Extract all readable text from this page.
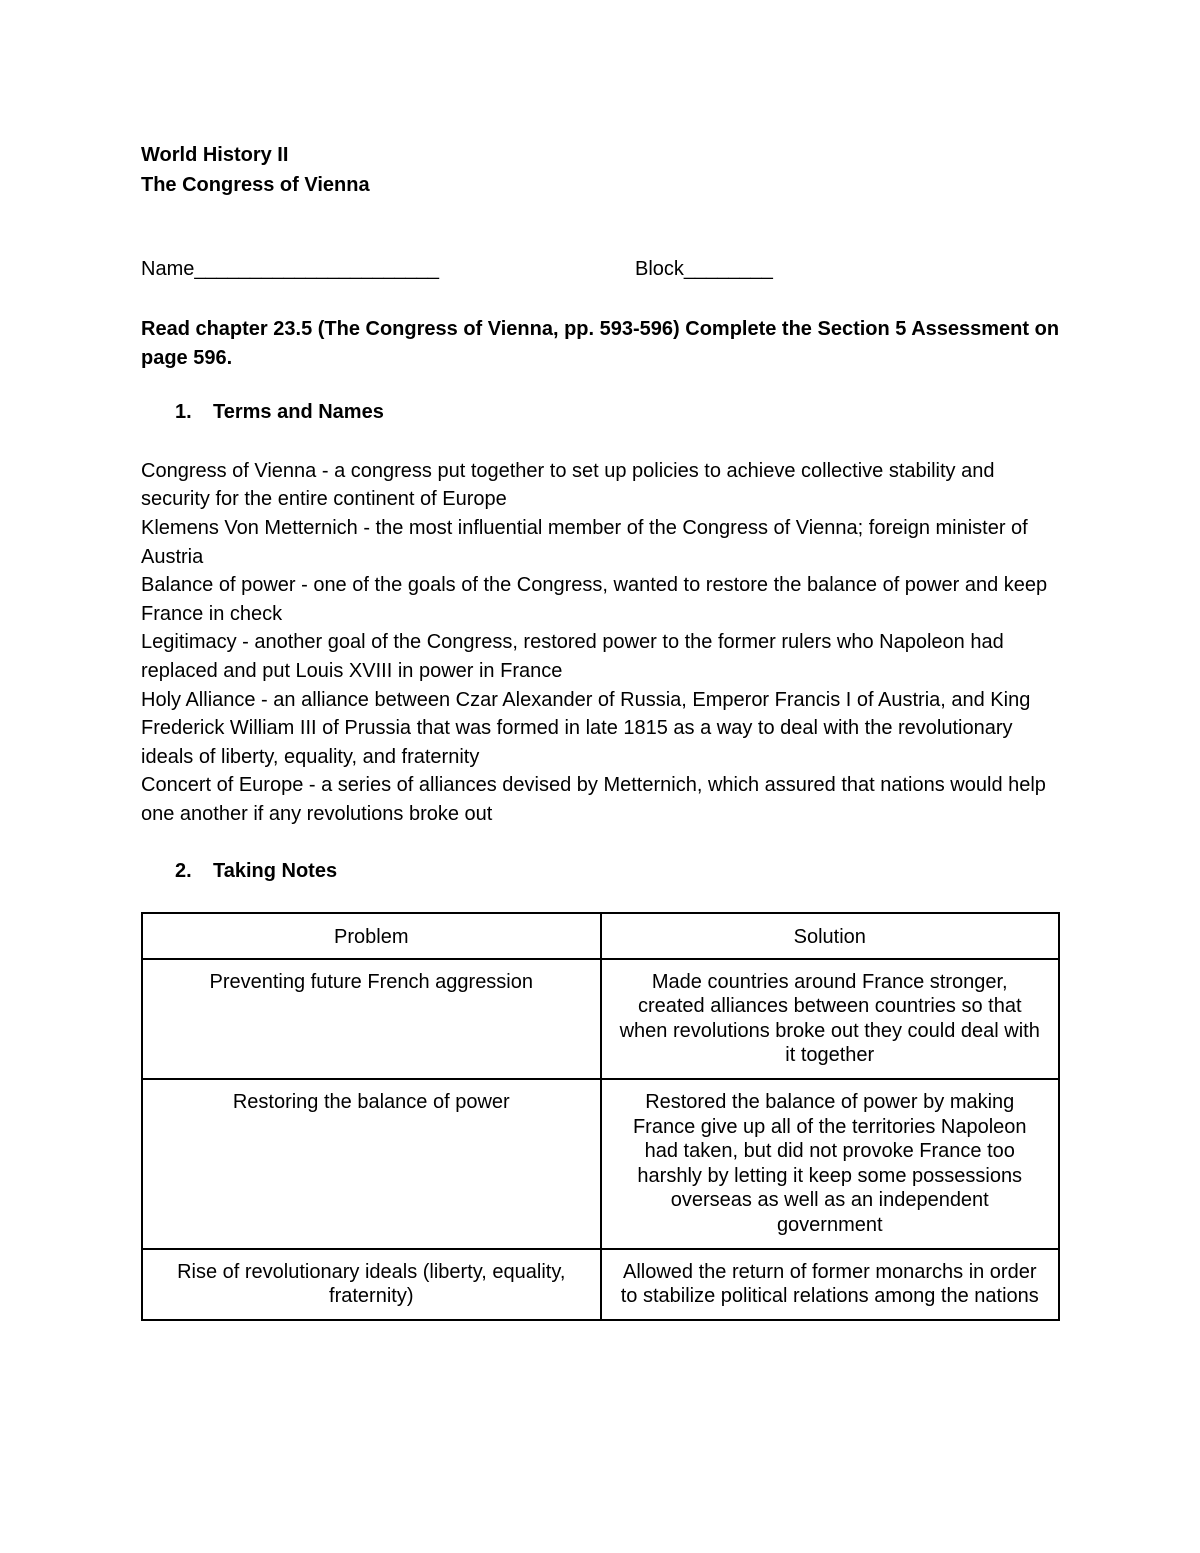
World History II

The Congress of Vienna

Name______________________	Block________
Read chapter 23.5 (The Congress of Vienna, pp. 593-596) Complete the Section 5 Assessment on page 596.
1. Terms and Names

Congress of Vienna - a congress put together to set up policies to achieve collective stability and security for the entire continent of Europe

Klemens Von Metternich - the most influential member of the Congress of Vienna; foreign minister of Austria

Balance of power - one of the goals of the Congress, wanted to restore the balance of power and keep France in check

Legitimacy - another goal of the Congress, restored power to the former rulers who Napoleon had replaced and put Louis XVIII in power in France

Holy Alliance - an alliance between Czar Alexander of Russia, Emperor Francis I of Austria, and King Frederick William III of Prussia that was formed in late 1815 as a way to deal with the revolutionary ideals of liberty, equality, and fraternity

Concert of Europe - a series of alliances devised by Metternich, which assured that nations would help one another if any revolutions broke out

2. Taking Notes
Problem	Solution
Preventing future French aggression	Made countries around France stronger, created alliances between countries so that when revolutions broke out they could deal with it together
Restoring the balance of power	Restored the balance of power by making France give up all of the territories Napoleon had taken, but did not provoke France too harshly by letting it keep some possessions overseas as well as an independent government
Rise of revolutionary ideals (liberty, equality, fraternity)	Allowed the return of former monarchs in order to stabilize political relations among the nations
